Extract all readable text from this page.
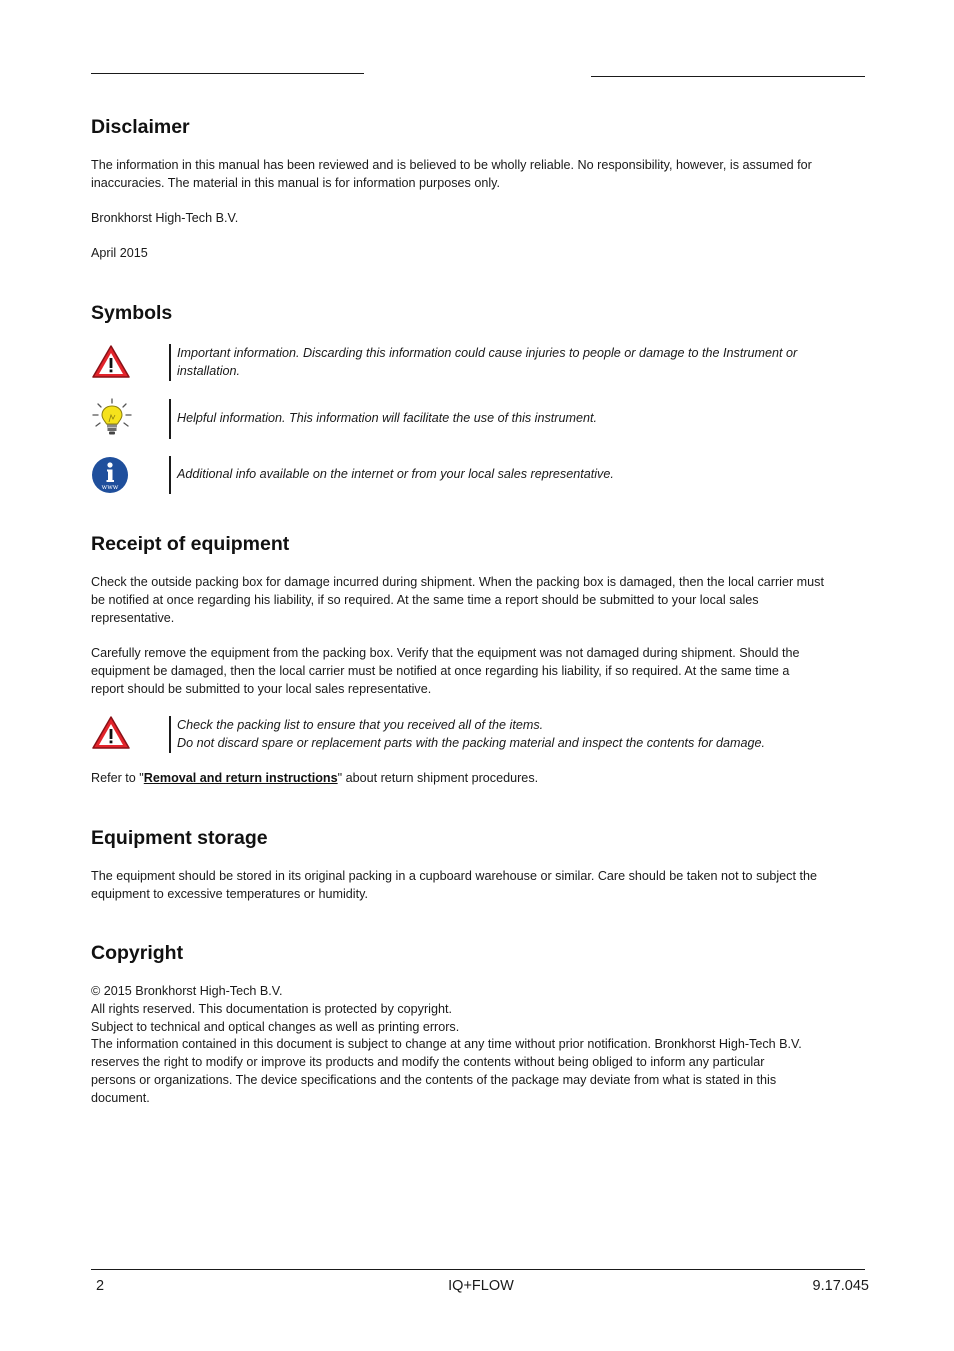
Disclaimer
The information in this manual has been reviewed and is believed to be wholly reliable. No responsibility, however, is assumed for
inaccuracies. The material in this manual is for information purposes only.
Bronkhorst High-Tech B.V.
April 2015
Symbols
Important information. Discarding this information could cause injuries to people or damage to the Instrument or
installation.
Helpful information. This information will facilitate the use of this instrument.
www
Additional info available on the internet or from your local sales representative.
Receipt of equipment
Check the outside packing box for damage incurred during shipment. When the packing box is damaged, then the local carrier must
be notified at once regarding his liability, if so required. At the same time a report should be submitted to your local sales
representative.
Carefully remove the equipment from the packing box. Verify that the equipment was not damaged during shipment. Should the
equipment be damaged, then the local carrier must be notified at once regarding his liability, if so required. At the same time a
report should be submitted to your local sales representative.
Check the packing list to ensure that you received all of the items.
Do not discard spare or replacement parts with the packing material and inspect the contents for damage.
Refer to "Removal and return instructions" about return shipment procedures.
Equipment storage
The equipment should be stored in its original packing in a cupboard warehouse or similar. Care should be taken not to subject the
equipment to excessive temperatures or humidity.
Copyright
© 2015 Bronkhorst High-Tech B.V.
All rights reserved. This documentation is protected by copyright.
Subject to technical and optical changes as well as printing errors.
The information contained in this document is subject to change at any time without prior notification. Bronkhorst High-Tech B.V.
reserves the right to modify or improve its products and modify the contents without being obliged to inform any particular
persons or organizations. The device specifications and the contents of the package may deviate from what is stated in this
document.
2	IQ+FLOW	9.17.045
